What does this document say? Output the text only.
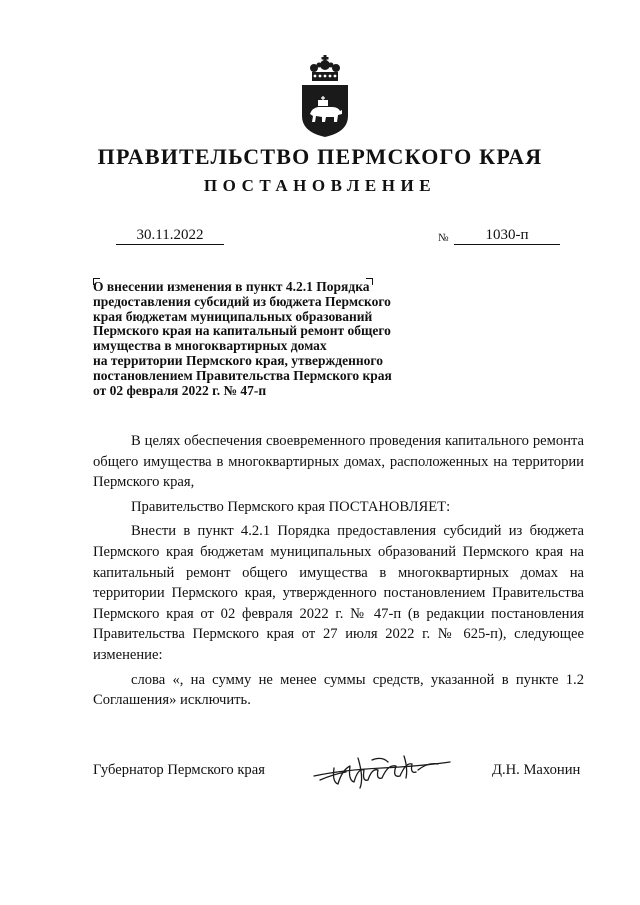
ПРАВИТЕЛЬСТВО ПЕРМСКОГО КРАЯ
ПОСТАНОВЛЕНИЕ
30.11.2022	№	1030-п
О внесении изменения в пункт 4.2.1 Порядка
предоставления субсидий из бюджета Пермского
края бюджетам муниципальных образований
Пермского края на капитальный ремонт общего
имущества в многоквартирных домах
на территории Пермского края, утвержденного
постановлением Правительства Пермского края
от 02 февраля 2022 г. № 47-п

В целях обеспечения своевременного проведения капитального ремонта общего имущества в многоквартирных домах, расположенных на территории Пермского края,

Правительство Пермского края ПОСТАНОВЛЯЕТ:

Внести в пункт 4.2.1 Порядка предоставления субсидий из бюджета Пермского края бюджетам муниципальных образований Пермского края на капитальный ремонт общего имущества в многоквартирных домах на территории Пермского края, утвержденного постановлением Правительства Пермского края от 02 февраля 2022 г. № 47-п (в редакции постановления Правительства Пермского края от 27 июля 2022 г. № 625-п), следующее изменение:

слова «, на сумму не менее суммы средств, указанной в пункте 1.2 Соглашения» исключить.

Губернатор Пермского края	Д.Н. Махонин
